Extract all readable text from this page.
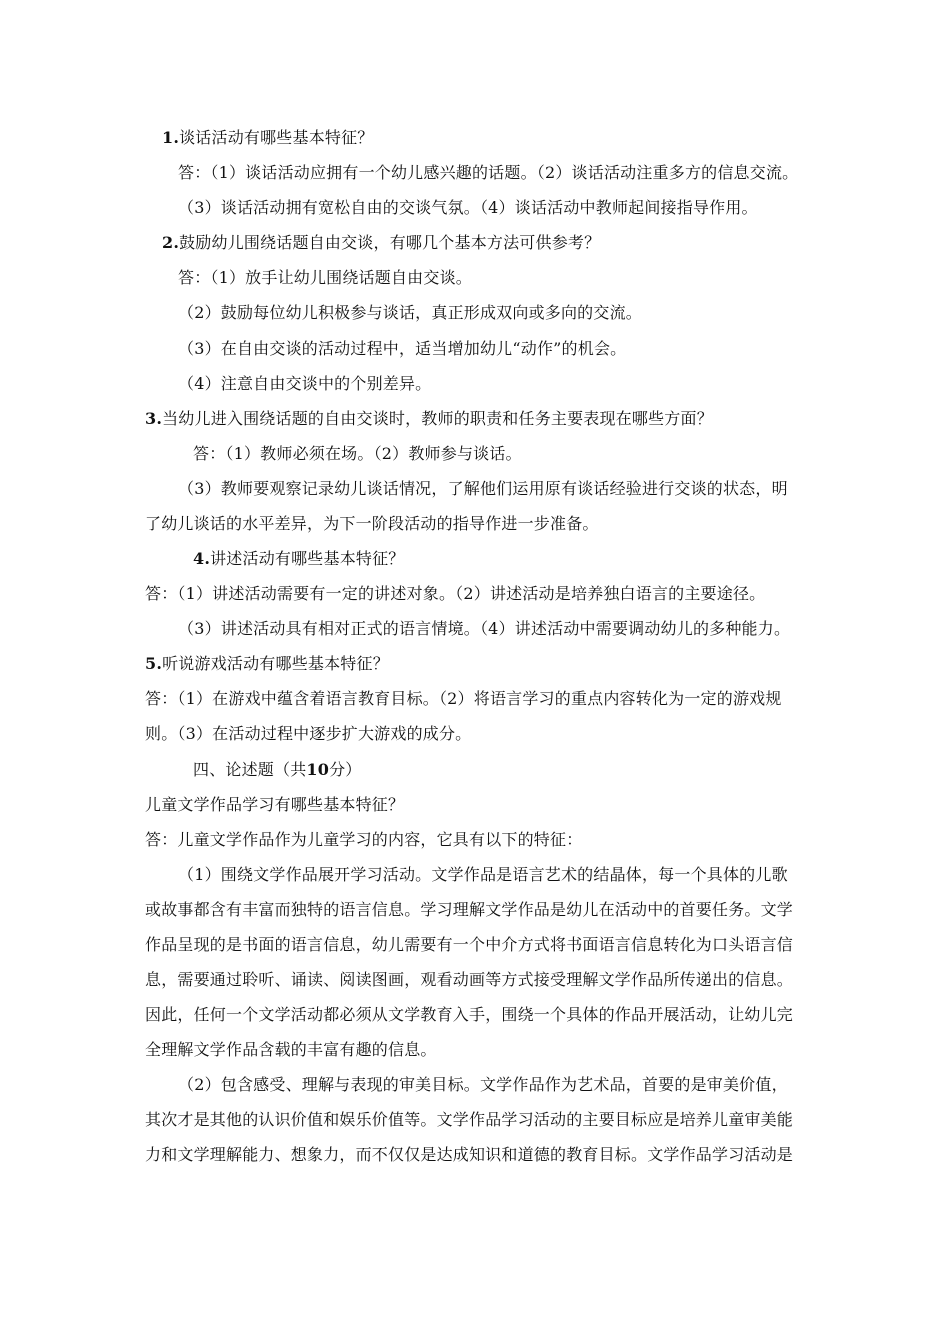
1.谈话活动有哪些基本特征？
答：（1）谈话活动应拥有一个幼儿感兴趣的话题。（2）谈话活动注重多方的信息交流。
（3）谈话活动拥有宽松自由的交谈气氛。（4）谈话活动中教师起间接指导作用。
2.鼓励幼儿围绕话题自由交谈，有哪几个基本方法可供参考？
答：（1）放手让幼儿围绕话题自由交谈。
（2）鼓励每位幼儿积极参与谈话，真正形成双向或多向的交流。
（3）在自由交谈的活动过程中，适当增加幼儿“动作”的机会。
（4）注意自由交谈中的个别差异。
3.当幼儿进入围绕话题的自由交谈时，教师的职责和任务主要表现在哪些方面？
答：（1）教师必须在场。（2）教师参与谈话。
（3）教师要观察记录幼儿谈话情况，了解他们运用原有谈话经验进行交谈的状态，明
了幼儿谈话的水平差异，为下一阶段活动的指导作进一步准备。
4.讲述活动有哪些基本特征？
答：（1）讲述活动需要有一定的讲述对象。（2）讲述活动是培养独白语言的主要途径。
（3）讲述活动具有相对正式的语言情境。（4）讲述活动中需要调动幼儿的多种能力。
5.听说游戏活动有哪些基本特征？
答：（1）在游戏中蕴含着语言教育目标。（2）将语言学习的重点内容转化为一定的游戏规
则。（3）在活动过程中逐步扩大游戏的成分。
四、论述题（共10分）
儿童文学作品学习有哪些基本特征？
答：儿童文学作品作为儿童学习的内容，它具有以下的特征：
（1）围绕文学作品展开学习活动。文学作品是语言艺术的结晶体，每一个具体的儿歌
或故事都含有丰富而独特的语言信息。学习理解文学作品是幼儿在活动中的首要任务。文学
作品呈现的是书面的语言信息，幼儿需要有一个中介方式将书面语言信息转化为口头语言信
息，需要通过聆听、诵读、阅读图画，观看动画等方式接受理解文学作品所传递出的信息。
因此，任何一个文学活动都必须从文学教育入手，围绕一个具体的作品开展活动，让幼儿完
全理解文学作品含载的丰富有趣的信息。
（2）包含感受、理解与表现的审美目标。文学作品作为艺术品，首要的是审美价值，
其次才是其他的认识价值和娱乐价值等。文学作品学习活动的主要目标应是培养儿童审美能
力和文学理解能力、想象力，而不仅仅是达成知识和道德的教育目标。文学作品学习活动是
